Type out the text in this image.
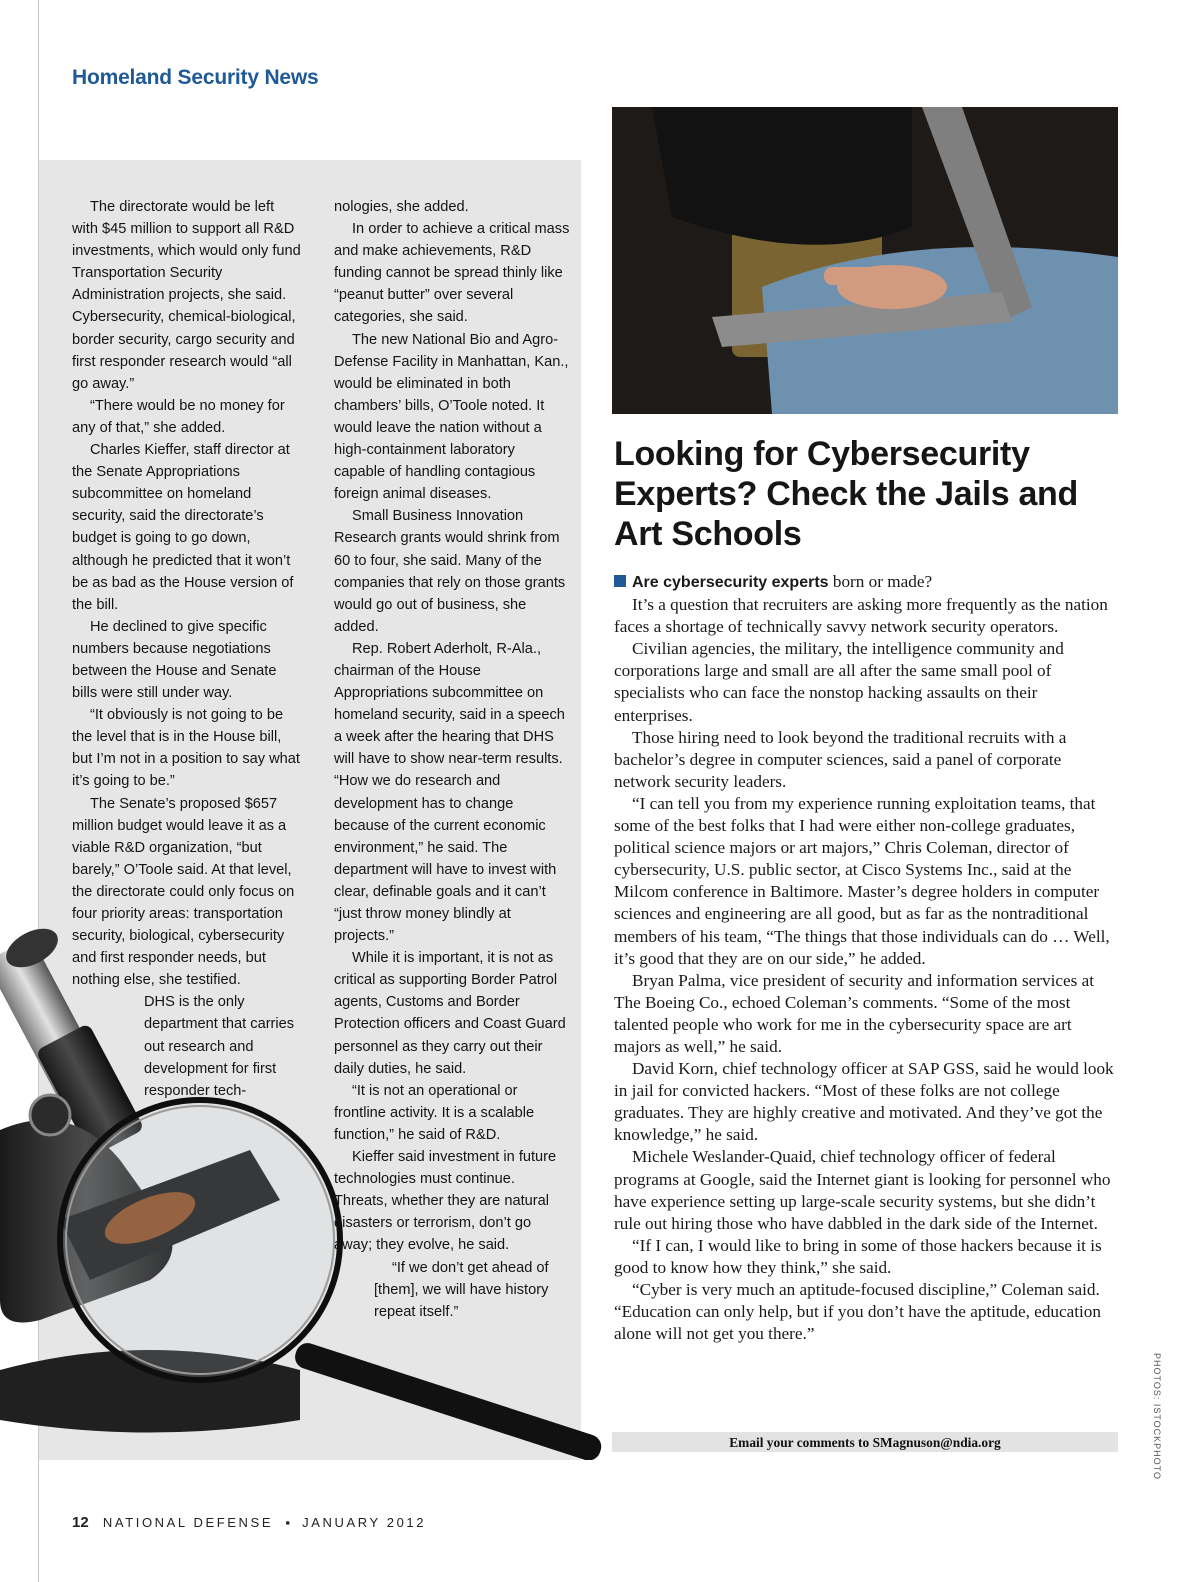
Homeland Security News

The directorate would be left with $45 million to support all R&D investments, which would only fund Transportation Security Administration projects, she said. Cybersecurity, chemical-biological, border security, cargo security and first responder research would “all go away.”

“There would be no money for any of that,” she added.

Charles Kieffer, staff director at the Senate Appropriations subcommittee on homeland security, said the directorate’s budget is going to go down, although he predicted that it won’t be as bad as the House version of the bill.

He declined to give specific numbers because negotiations between the House and Senate bills were still under way.

“It obviously is not going to be the level that is in the House bill, but I’m not in a position to say what it’s going to be.”

The Senate’s proposed $657 million budget would leave it as a viable R&D organization, “but barely,” O’Toole said. At that level, the directorate could only focus on four priority areas: transportation security, biological, cybersecurity and first responder needs, but nothing else, she testified.

DHS is the only department that carries out research and development for first responder tech-

nologies, she added.

In order to achieve a critical mass and make achievements, R&D funding cannot be spread thinly like “peanut butter” over several categories, she said.

The new National Bio and Agro-Defense Facility in Manhattan, Kan., would be eliminated in both chambers’ bills, O’Toole noted. It would leave the nation without a high-containment laboratory capable of handling contagious foreign animal diseases.

Small Business Innovation Research grants would shrink from 60 to four, she said. Many of the companies that rely on those grants would go out of business, she added.

Rep. Robert Aderholt, R-Ala., chairman of the House Appropriations subcommittee on homeland security, said in a speech a week after the hearing that DHS will have to show near-term results. “How we do research and development has to change because of the current economic environment,” he said. The department will have to invest with clear, definable goals and it can’t “just throw money blindly at projects.”

While it is important, it is not as critical as supporting Border Patrol agents, Customs and Border Protection officers and Coast Guard personnel as they carry out their daily duties, he said.

“It is not an operational or frontline activity. It is a scalable function,” he said of R&D.

Kieffer said investment in future technologies must continue. Threats, whether they are natural disasters or terrorism, don’t go away; they evolve, he said.

“If we don’t get ahead of [them], we will have history repeat itself.”

Looking for Cybersecurity Experts? Check the Jails and Art Schools

Are cybersecurity experts born or made?

It’s a question that recruiters are asking more frequently as the nation faces a shortage of technically savvy network security operators.

Civilian agencies, the military, the intelligence community and corporations large and small are all after the same small pool of specialists who can face the nonstop hacking assaults on their enterprises.

Those hiring need to look beyond the traditional recruits with a bachelor’s degree in computer sciences, said a panel of corporate network security leaders.

“I can tell you from my experience running exploitation teams, that some of the best folks that I had were either non-college graduates, political science majors or art majors,” Chris Coleman, director of cybersecurity, U.S. public sector, at Cisco Systems Inc., said at the Milcom conference in Baltimore. Master’s degree holders in computer sciences and engineering are all good, but as far as the nontraditional members of his team, “The things that those individuals can do … Well, it’s good that they are on our side,” he added.

Bryan Palma, vice president of security and information services at The Boeing Co., echoed Coleman’s comments. “Some of the most talented people who work for me in the cybersecurity space are art majors as well,” he said.

David Korn, chief technology officer at SAP GSS, said he would look in jail for convicted hackers. “Most of these folks are not college graduates. They are highly creative and motivated. And they’ve got the knowledge,” he said.

Michele Weslander-Quaid, chief technology officer of federal programs at Google, said the Internet giant is looking for personnel who have experience setting up large-scale security systems, but she didn’t rule out hiring those who have dabbled in the dark side of the Internet.

“If I can, I would like to bring in some of those hackers because it is good to know how they think,” she said.

“Cyber is very much an aptitude-focused discipline,” Coleman said. “Education can only help, but if you don’t have the aptitude, education alone will not get you there.”

Email your comments to SMagnuson@ndia.org	PHOTOS: ISTOCKPHOTO
12 NATIONAL DEFENSE ▪ JANUARY 2012
